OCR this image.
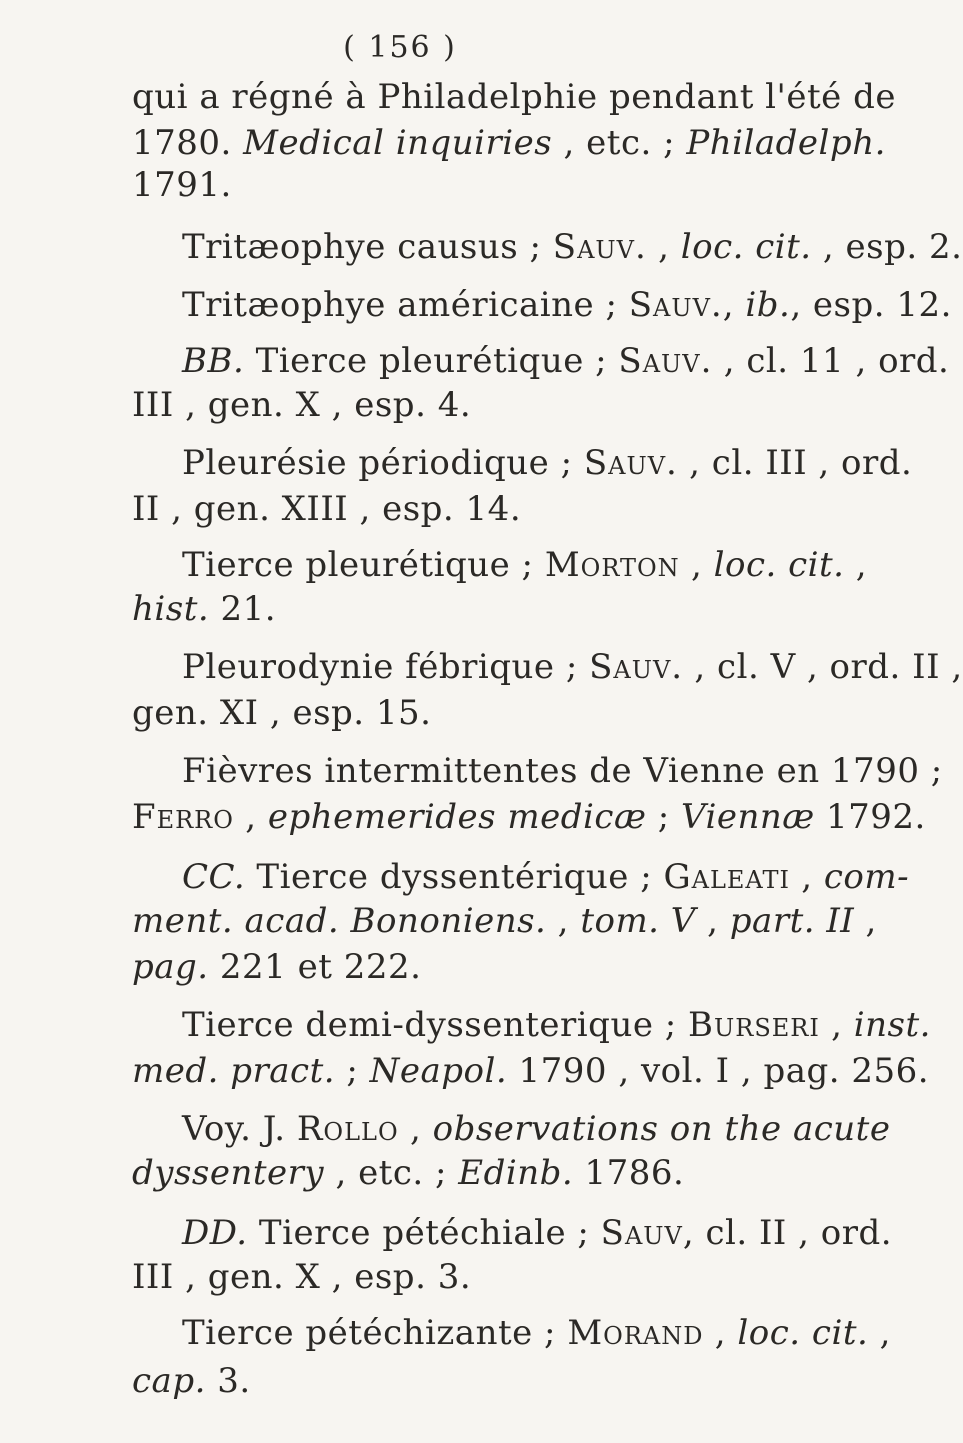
( 156 )

qui a régné à Philadelphie pendant l'été de

1780. Medical inquiries , etc. ; Philadelph.

1791.

Tritæophye causus ; Sauv. , loc. cit. , esp. 2.

Tritæophye américaine ; Sauv., ib., esp. 12.

BB. Tierce pleurétique ; Sauv. , cl. 11 , ord.

III , gen. X , esp. 4.

Pleurésie périodique ; Sauv. , cl. III , ord.

II , gen. XIII , esp. 14.

Tierce pleurétique ; Morton , loc. cit. ,

hist. 21.

Pleurodynie fébrique ; Sauv. , cl. V , ord. II ,

gen. XI , esp. 15.

Fièvres intermittentes de Vienne en 1790 ;

Ferro , ephemerides medicæ ; Viennæ 1792.

CC. Tierce dyssentérique ; Galeati , com-

ment. acad. Bononiens. , tom. V , part. II ,

pag. 221 et 222.

Tierce demi-dyssenterique ; Burseri , inst.

med. pract. ; Neapol. 1790 , vol. I , pag. 256.

Voy. J. Rollo , observations on the acute

dyssentery , etc. ; Edinb. 1786.

DD. Tierce pétéchiale ; Sauv, cl. II , ord.

III , gen. X , esp. 3.

Tierce pétéchizante ; Morand , loc. cit. ,

cap. 3.
